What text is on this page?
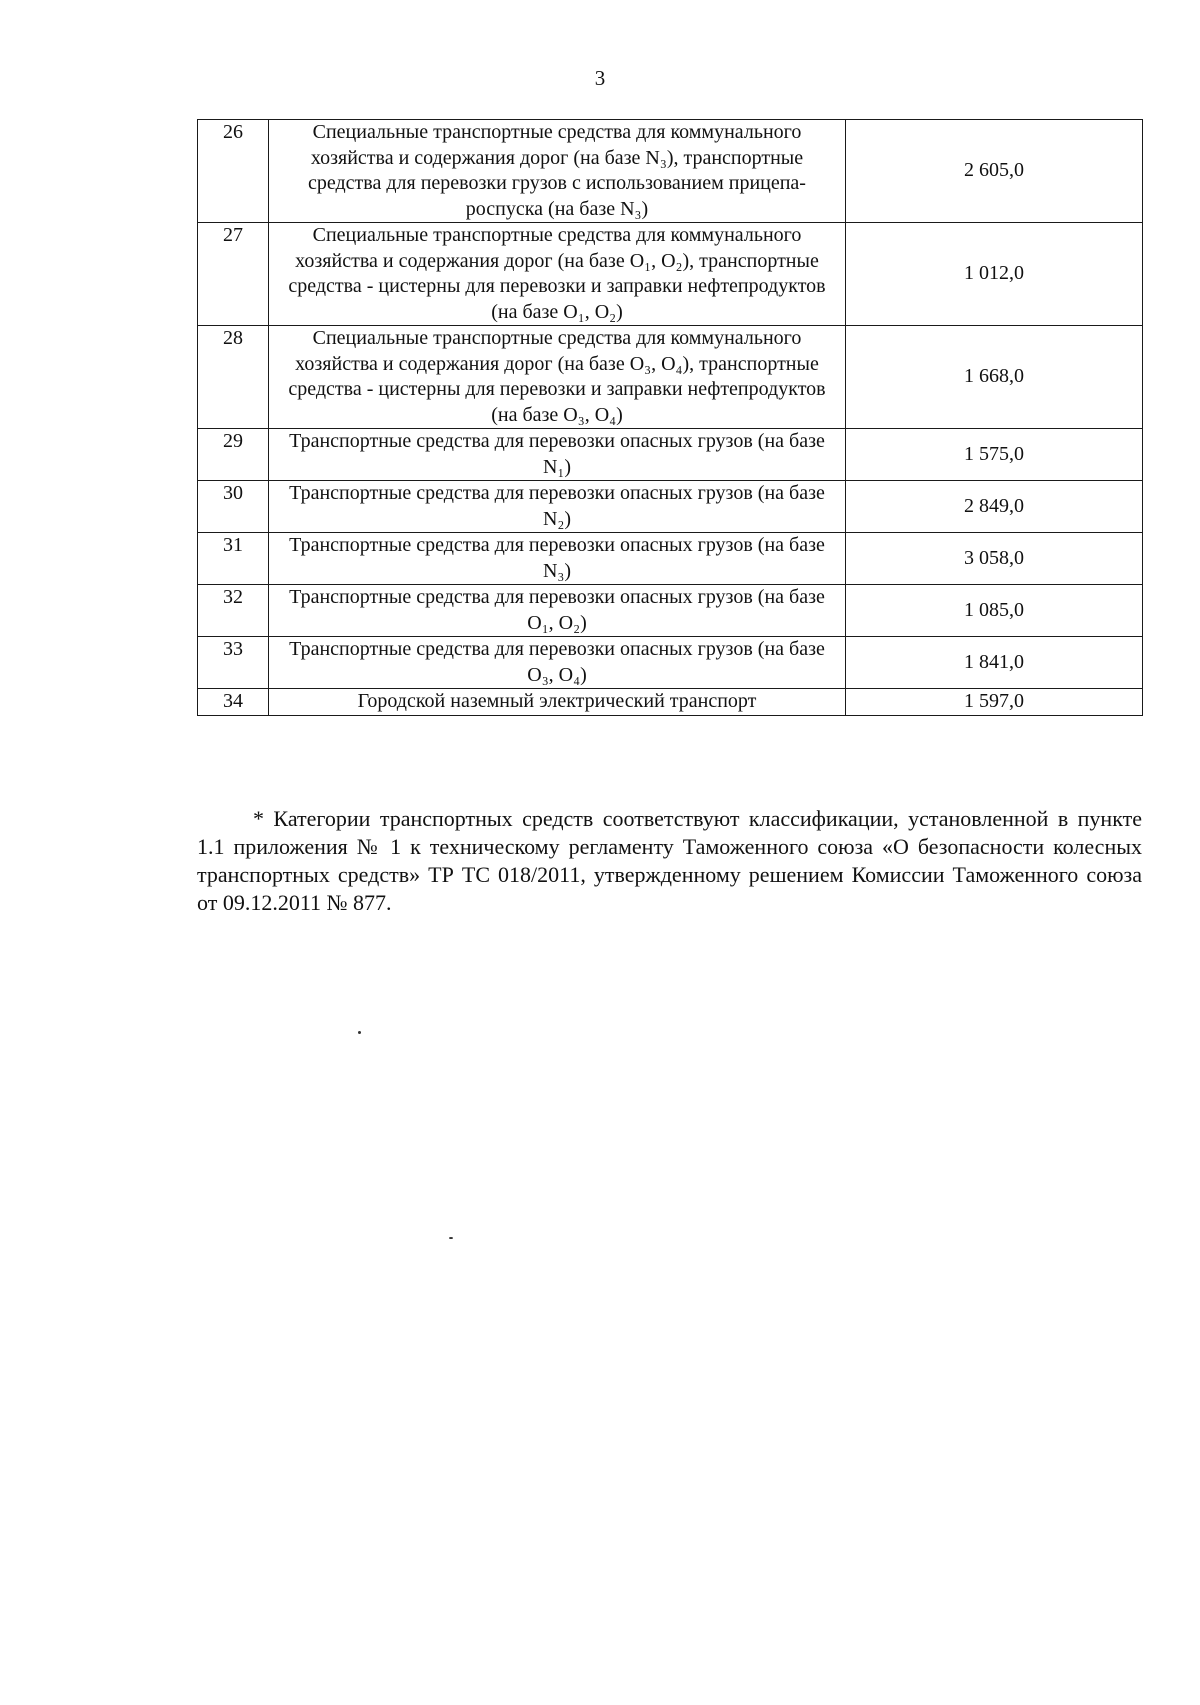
3
26	Специальные транспортные средства для коммунального хозяйства и содержания дорог (на базе N₃), транспортные средства для перевозки грузов с использованием прицепа-роспуска (на базе N₃)	2 605,0
27	Специальные транспортные средства для коммунального хозяйства и содержания дорог (на базе O₁, O₂), транспортные средства - цистерны для перевозки и заправки нефтепродуктов (на базе O₁, O₂)	1 012,0
28	Специальные транспортные средства для коммунального хозяйства и содержания дорог (на базе O₃, O₄), транспортные средства - цистерны для перевозки и заправки нефтепродуктов (на базе O₃, O₄)	1 668,0
29	Транспортные средства для перевозки опасных грузов (на базе N₁)	1 575,0
30	Транспортные средства для перевозки опасных грузов (на базе N₂)	2 849,0
31	Транспортные средства для перевозки опасных грузов (на базе N₃)	3 058,0
32	Транспортные средства для перевозки опасных грузов (на базе O₁, O₂)	1 085,0
33	Транспортные средства для перевозки опасных грузов (на базе O₃, O₄)	1 841,0
34	Городской наземный электрический транспорт	1 597,0

* Категории транспортных средств соответствуют классификации, установленной в пункте 1.1 приложения № 1 к техническому регламенту Таможенного союза «О безопасности колесных транспортных средств» ТР ТС 018/2011, утвержденному решением Комиссии Таможенного союза от 09.12.2011 № 877.
